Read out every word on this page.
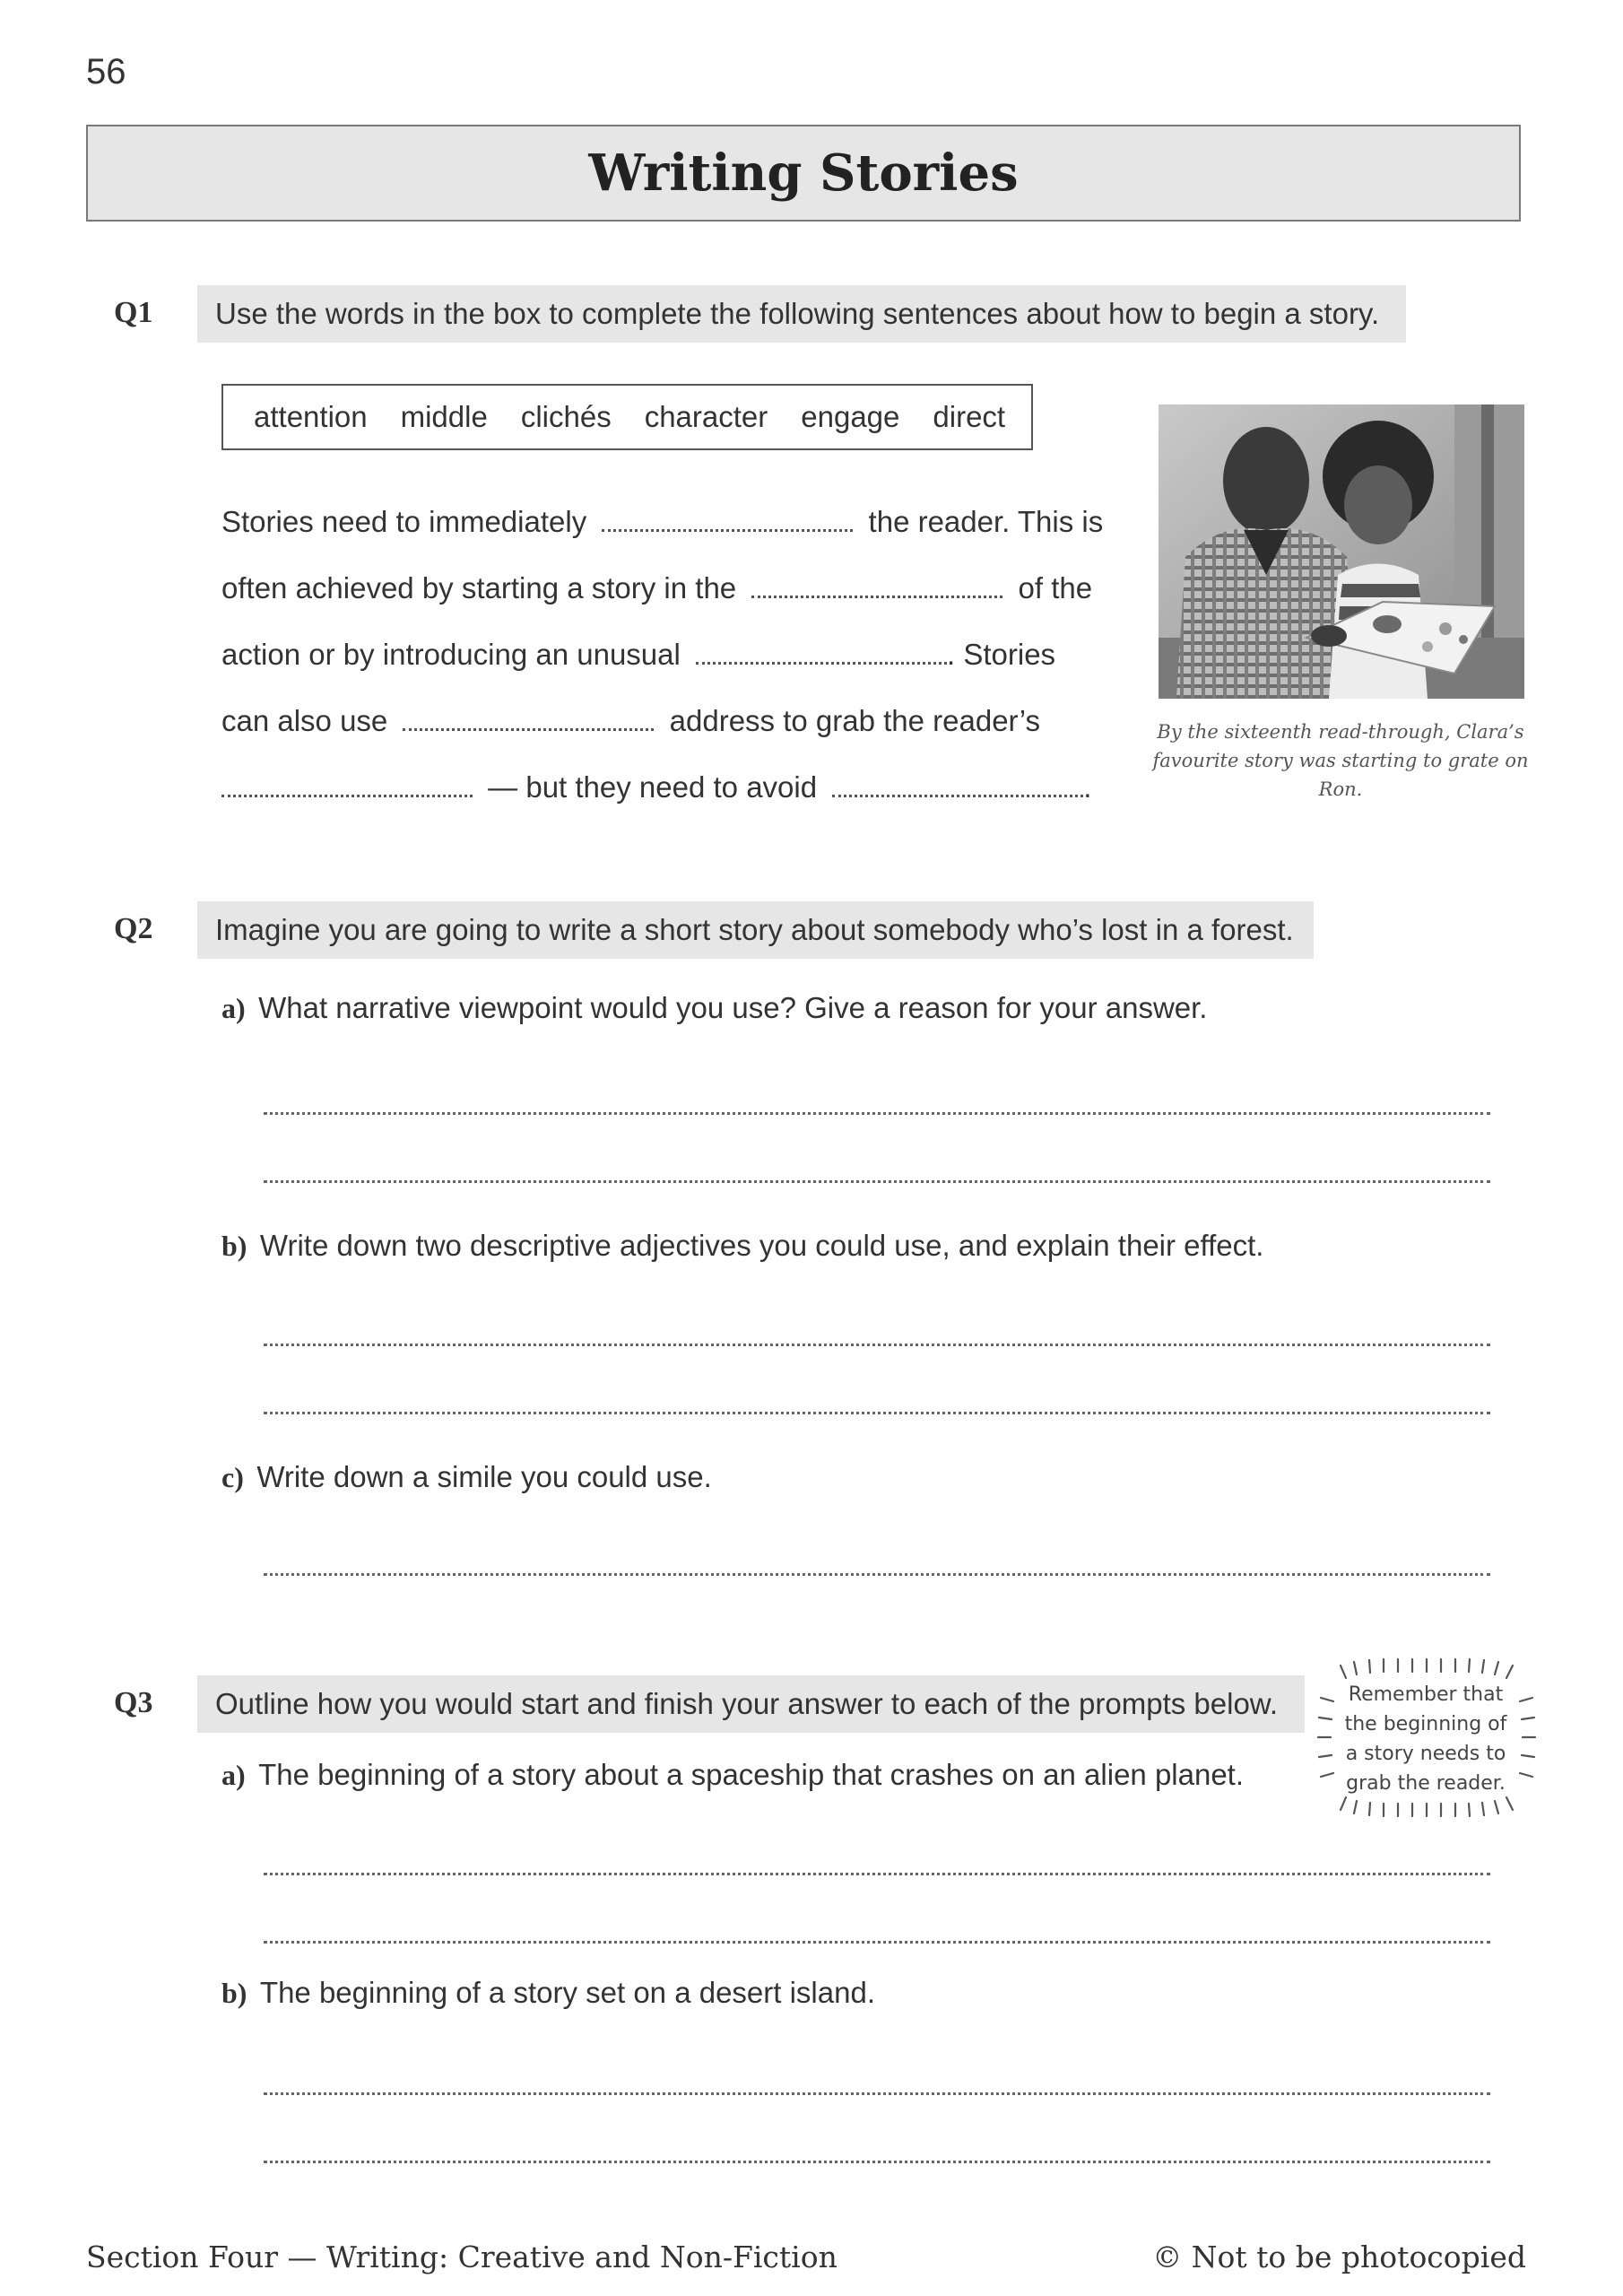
56
Writing Stories
Q1	Use the words in the box to complete the following sentences about how to begin a story.
attention middle clichés character engage direct
Stories need to immediately	the reader. This is
often achieved by starting a story in the	of the
action or by introducing an unusual	. Stories
can also use	address to grab the reader’s
— but they need to avoid	.
By the sixteenth read-through, Clara’s
favourite story was starting to grate on Ron.
Q2	Imagine you are going to write a short story about somebody who’s lost in a forest.
a) What narrative viewpoint would you use? Give a reason for your answer.
b) Write down two descriptive adjectives you could use, and explain their effect.
c) Write down a simile you could use.
Q3	Outline how you would start and finish your answer to each of the prompts below.	Remember that
the beginning of
a story needs to
grab the reader.
a) The beginning of a story about a spaceship that crashes on an alien planet.
b) The beginning of a story set on a desert island.
Section Four — Writing: Creative and Non-Fiction	© Not to be photocopied
